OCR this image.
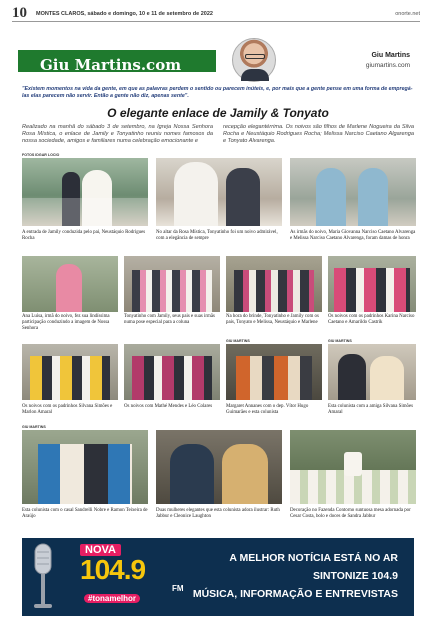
10	MONTES CLAROS, sábado e domingo, 10 e 11 de setembro de 2022	onorte.net
Giu Martins.com
Giu Martins
giumartins.com
"Existem momentos na vida da gente, em que as palavras perdem o sentido ou parecem inúteis, e, por mais que a gente pense em uma forma de empregá-las elas parecem não servir. Então a gente não diz, apenas sente".
O elegante enlace de Jamily & Tonyato

Realizado na manhã do sábado 3 de setembro, na Igreja Nossa Senhora Rosa Mística, o enlace de Jamily e Tonyatinho reuniu nomes famosos da nossa sociedade, amigos e familiares numa celebração emocionante e

recepção elegantérrima. Os noivos são filhos de Marlene Nogueira da Silva Rocha e Neustáquio Rodrigues Rocha; Melissa Narciso Caetano Algarenga e Tonyato Alvarenga.

FOTOS IDGAR LOCIO
A entrada de Jamily conduzida pelo pai, Neustáquio Rodrigues Rocha
No altar da Rosa Mística, Tonyatinho foi um noivo admirável, com a elegância de sempre
As irmãs do noivo, Maria Giovanna Narciso Caetano Alvarenga e Melissa Narciso Caetano Alvarenga, foram damas de honra
Ana Luísa, irmã do noivo, fez sua lindíssima participação conduzindo a imagem de Nossa Senhora
Tonyatinho com Jamily, seus pais e suas irmãs numa pose especial para a coluna
Na hora do brinde, Tonyatinho e Jamily com os pais, Tonyato e Melissa, Neustáquio e Marlene
Os noivos com os padrinhos Karina Narciso Caetano e Amarildo Castrik
Os noivos com os padrinhos Silvana Simões e Marlon Amaral
Os noivos com Mathé Mendes e Léo Colares
GIU MARTINS
Margaret Annanes com o dep. Vítor Hugo Guimarães e esta colunista
GIU MARTINS
Esta colunista com a amiga Silvana Simões Amaral
GIU MARTINS
Esta colunista com o casal Sandrelli Nobre e Ramon Teixeira de Araújo
Duas mulheres elegantes que esta colunista adora ilustrar: Ruth Jabbur e Cleonice Laughton
Decoração no Fazenda Contorno suntuosa mesa adornada por Cesar Costa, bolo e doces de Sandra Jabbur
NOVA
104.9
FM
#tonamelhor
A MELHOR NOTÍCIA ESTÁ NO AR
SINTONIZE 104.9
MÚSICA, INFORMAÇÃO E ENTREVISTAS
